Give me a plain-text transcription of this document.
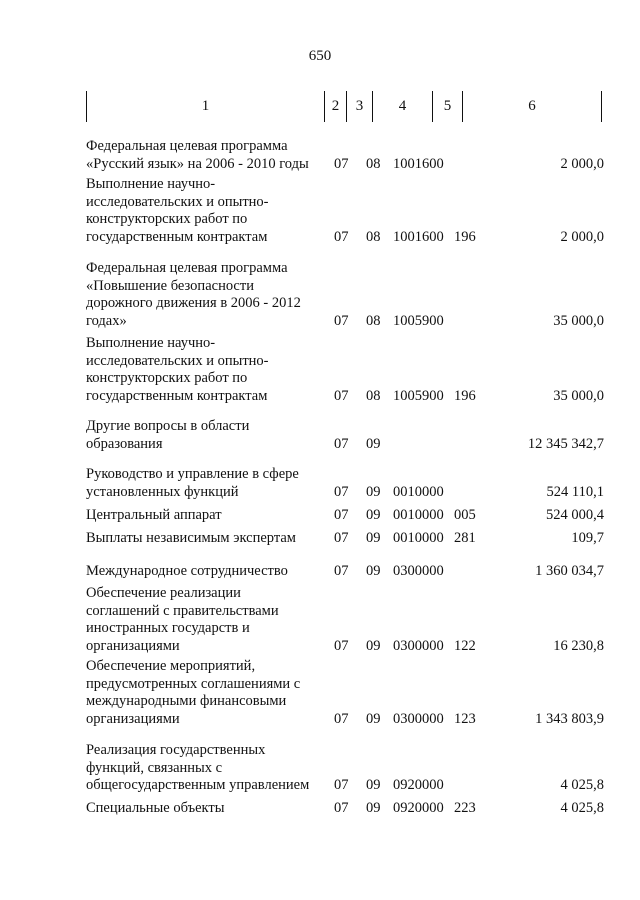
650
1	2	3	4	5	6
Федеральная целевая программа
«Русский язык» на 2006 - 2010 годы	07 08 1001600	2 000,0
Выполнение научно-
исследовательских и опытно-
конструкторских работ по
государственным контрактам	07 08 1001600 196	2 000,0
Федеральная целевая программа
«Повышение безопасности
дорожного движения в 2006 - 2012
годах»	07 08 1005900	35 000,0
Выполнение научно-
исследовательских и опытно-
конструкторских работ по
государственным контрактам	07 08 1005900 196	35 000,0
Другие вопросы в области
образования	07 09	12 345 342,7
Руководство и управление в сфере
установленных функций	07 09 0010000	524 110,1
Центральный аппарат	07 09 0010000 005	524 000,4
Выплаты независимым экспертам	07 09 0010000 281	109,7
Международное сотрудничество	07 09 0300000	1 360 034,7
Обеспечение реализации
соглашений с правительствами
иностранных государств и
организациями	07 09 0300000 122	16 230,8
Обеспечение мероприятий,
предусмотренных соглашениями с
международными финансовыми
организациями	07 09 0300000 123	1 343 803,9
Реализация государственных
функций, связанных с
общегосударственным управлением	07 09 0920000	4 025,8
Специальные объекты	07 09 0920000 223	4 025,8
